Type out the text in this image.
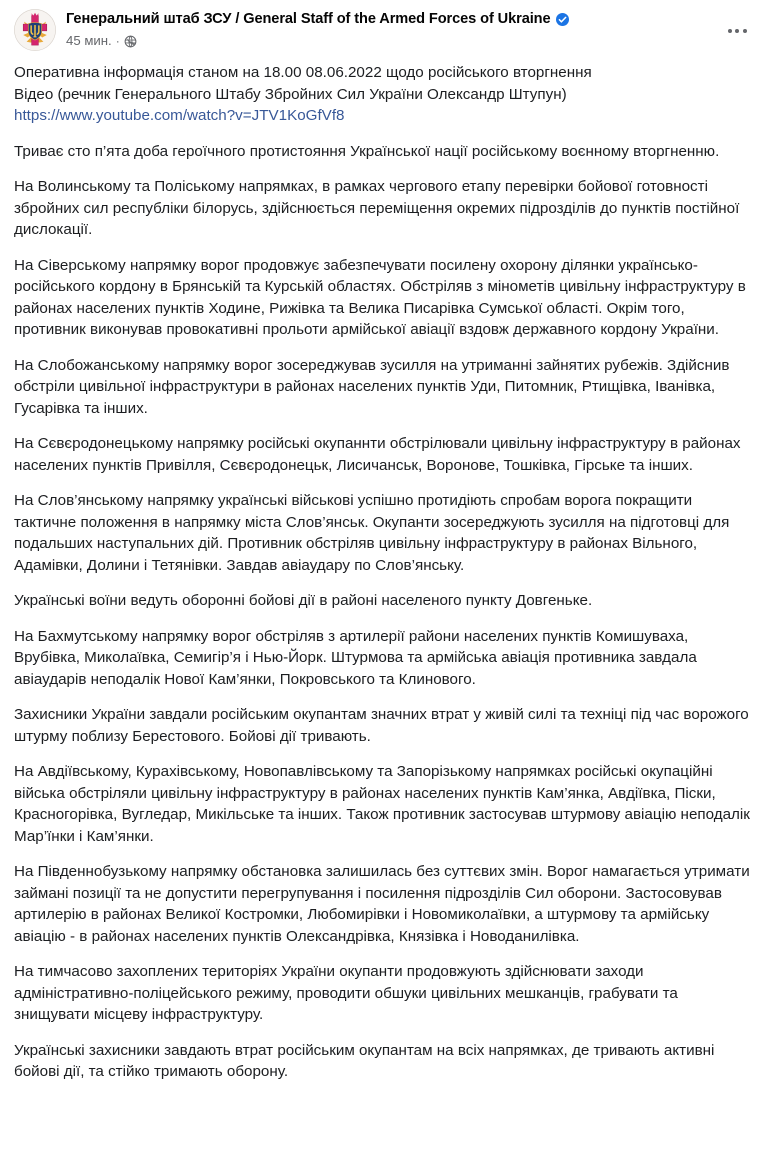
Генеральний штаб ЗСУ / General Staff of the Armed Forces of Ukraine
45 мин. ·
Оперативна інформація станом на 18.00 08.06.2022 щодо російського вторгнення
Відео (речник Генерального Штабу Збройних Сил України Олександр Штупун)
https://www.youtube.com/watch?v=JTV1KoGfVf8

Триває сто п’ята доба героїчного протистояння Української нації російському воєнному вторгненню.

На Волинському та Поліському напрямках, в рамках чергового етапу перевірки бойової готовності збройних сил республіки білорусь, здійснюється переміщення окремих підрозділів до пунктів постійної дислокації.

На Сіверському напрямку ворог продовжує забезпечувати посилену охорону ділянки українсько-російського кордону в Брянській та Курській областях. Обстріляв з мінометів цивільну інфраструктуру в районах населених пунктів Ходине, Рижівка та Велика Писарівка Сумської області. Окрім того, противник виконував провокативні прольоти армійської авіації вздовж державного кордону України.

На Слобожанському напрямку ворог зосереджував зусилля на утриманні зайнятих рубежів. Здійснив обстріли цивільної інфраструктури в районах населених пунктів Уди, Питомник, Ртищівка, Іванівка, Гусарівка та інших.

На Сєвєродонецькому напрямку російські окупаннти обстрілювали цивільну інфраструктуру в районах населених пунктів Привілля, Сєвєродонецьк, Лисичанськ, Воронове, Тошківка, Гірське та інших.

На Слов’янському напрямку українські військові успішно протидіють спробам ворога покращити тактичне положення в напрямку міста Слов’янськ. Окупанти зосереджують зусилля на підготовці для подальших наступальних дій. Противник обстріляв цивільну інфраструктуру в районах Вільного, Адамівки, Долини і Тетянівки. Завдав авіаудару по Слов’янську.

Українські воїни ведуть оборонні бойові дії в районі населеного пункту Довгеньке.

На Бахмутському напрямку ворог обстріляв з артилерії райони населених пунктів Комишуваха, Врубівка, Миколаївка, Семигір’я і Нью-Йорк. Штурмова та армійська авіація противника завдала авіаударів неподалік Нової Кам’янки, Покровського та Клинового.

Захисники України завдали російським окупантам значних втрат у живій силі та техніці під час ворожого штурму поблизу Берестового. Бойові дії тривають.

На Авдіївському, Курахівському, Новопавлівському та Запорізькому напрямках російські окупаційні війська обстріляли цивільну інфраструктуру в районах населених пунктів Кам’янка, Авдіївка, Піски, Красногорівка, Вугледар, Микільське та інших. Також противник застосував штурмову авіацію неподалік Мар’їнки і Кам’янки.

На Південнобузькому напрямку обстановка залишилась без суттєвих змін. Ворог намагається утримати займані позиції та не допустити перегрупування і посилення підрозділів Сил оборони. Застосовував артилерію в районах Великої Костромки, Любомирівки і Новомиколаївки, а штурмову та армійську авіацію - в районах населених пунктів Олександрівка, Князівка і Новоданилівка.

На тимчасово захоплених територіях України окупанти продовжують здійснювати заходи адміністративно-поліцейського режиму, проводити обшуки цивільних мешканців, грабувати та знищувати місцеву інфраструктуру.

Українські захисники завдають втрат російським окупантам на всіх напрямках, де тривають активні бойові дії, та стійко тримають оборону.
